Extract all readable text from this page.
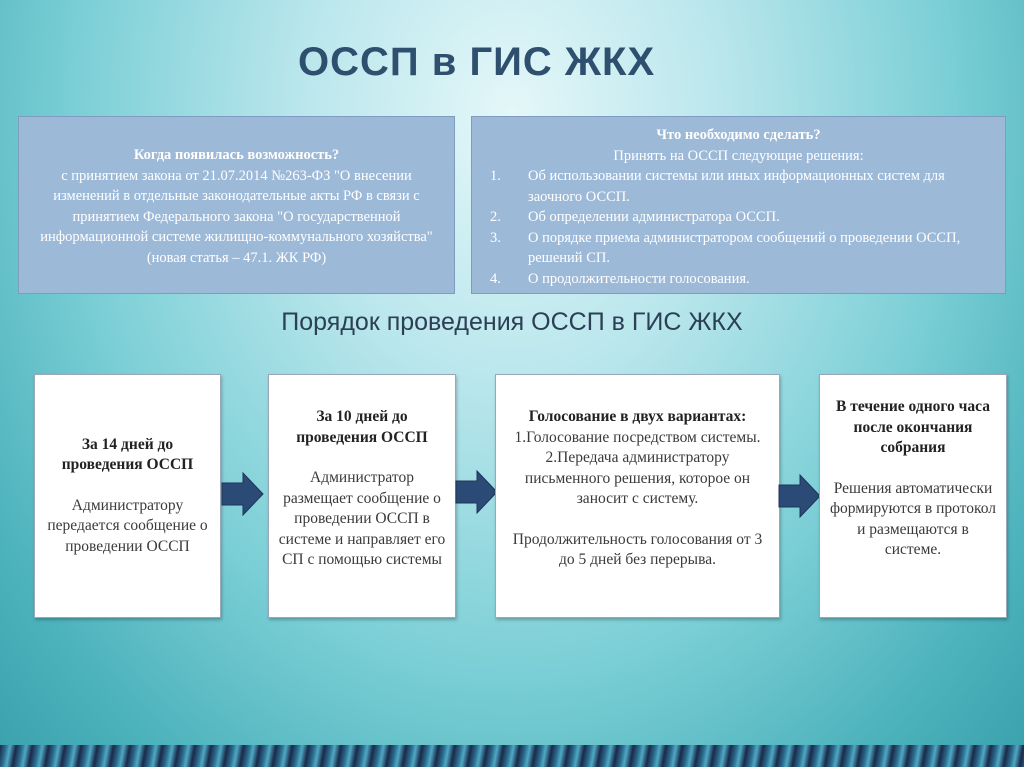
ОССП в ГИС ЖКХ
Когда появилась возможность?
с принятием закона от 21.07.2014 №263-ФЗ "О внесении изменений в отдельные законодательные акты РФ в связи с принятием Федерального закона "О государственной информационной системе жилищно-коммунального хозяйства" (новая статья – 47.1. ЖК РФ)
Что необходимо сделать?
Принять на ОССП следующие решения:
1.	Об использовании системы или иных информационных систем для заочного ОССП.
2.	Об определении администратора ОССП.
3.	О порядке приема администратором сообщений о проведении ОССП, решений СП.
4.	О продолжительности голосования.
Порядок проведения ОССП в ГИС ЖКХ

За 14 дней до проведения ОССП

Администратору передается сообщение о проведении ОССП

За 10 дней до проведения ОССП

Администратор размещает сообщение о проведении ОССП в системе и направляет его СП с помощью системы

Голосование в двух вариантах:

1.Голосование посредством системы.

2.Передача администратору письменного решения, которое он заносит с систему.

Продолжительность голосования от 3 до 5 дней без перерыва.

В течение одного часа после окончания собрания

Решения автоматически формируются в протокол и размещаются в системе.
